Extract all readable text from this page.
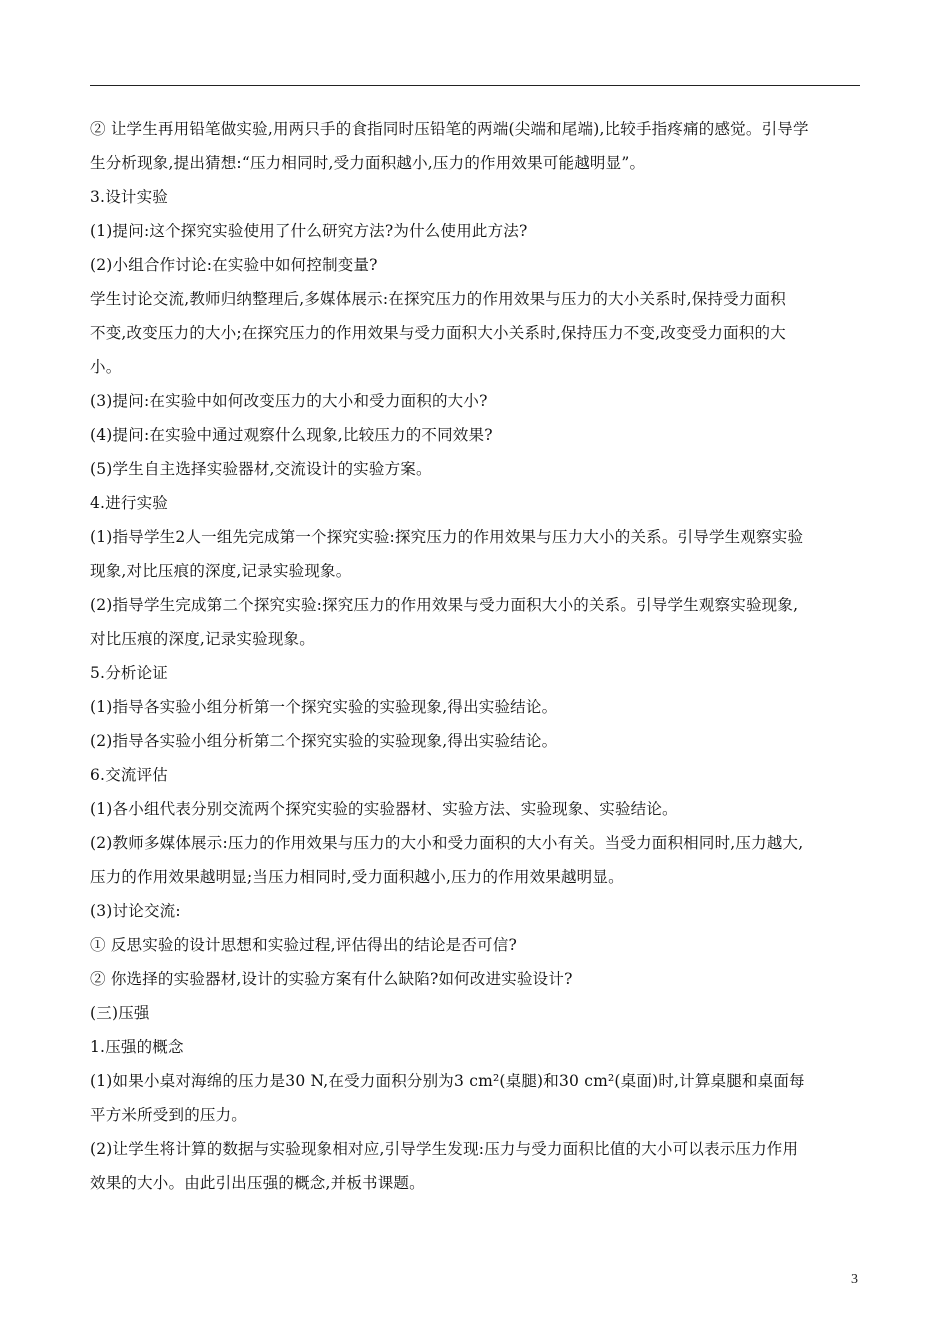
② 让学生再用铅笔做实验,用两只手的食指同时压铅笔的两端(尖端和尾端),比较手指疼痛的感觉。引导学
生分析现象,提出猜想:“压力相同时,受力面积越小,压力的作用效果可能越明显”。
3.设计实验
(1)提问:这个探究实验使用了什么研究方法?为什么使用此方法?
(2)小组合作讨论:在实验中如何控制变量?
学生讨论交流,教师归纳整理后,多媒体展示:在探究压力的作用效果与压力的大小关系时,保持受力面积
不变,改变压力的大小;在探究压力的作用效果与受力面积大小关系时,保持压力不变,改变受力面积的大
小。
(3)提问:在实验中如何改变压力的大小和受力面积的大小?
(4)提问:在实验中通过观察什么现象,比较压力的不同效果?
(5)学生自主选择实验器材,交流设计的实验方案。
4.进行实验
(1)指导学生2人一组先完成第一个探究实验:探究压力的作用效果与压力大小的关系。引导学生观察实验
现象,对比压痕的深度,记录实验现象。
(2)指导学生完成第二个探究实验:探究压力的作用效果与受力面积大小的关系。引导学生观察实验现象,
对比压痕的深度,记录实验现象。
5.分析论证
(1)指导各实验小组分析第一个探究实验的实验现象,得出实验结论。
(2)指导各实验小组分析第二个探究实验的实验现象,得出实验结论。
6.交流评估
(1)各小组代表分别交流两个探究实验的实验器材、实验方法、实验现象、实验结论。
(2)教师多媒体展示:压力的作用效果与压力的大小和受力面积的大小有关。当受力面积相同时,压力越大,
压力的作用效果越明显;当压力相同时,受力面积越小,压力的作用效果越明显。
(3)讨论交流:
① 反思实验的设计思想和实验过程,评估得出的结论是否可信?
② 你选择的实验器材,设计的实验方案有什么缺陷?如何改进实验设计?
(三)压强
1.压强的概念
(1)如果小桌对海绵的压力是30 N,在受力面积分别为3 cm²(桌腿)和30 cm²(桌面)时,计算桌腿和桌面每
平方米所受到的压力。
(2)让学生将计算的数据与实验现象相对应,引导学生发现:压力与受力面积比值的大小可以表示压力作用
效果的大小。由此引出压强的概念,并板书课题。
3
